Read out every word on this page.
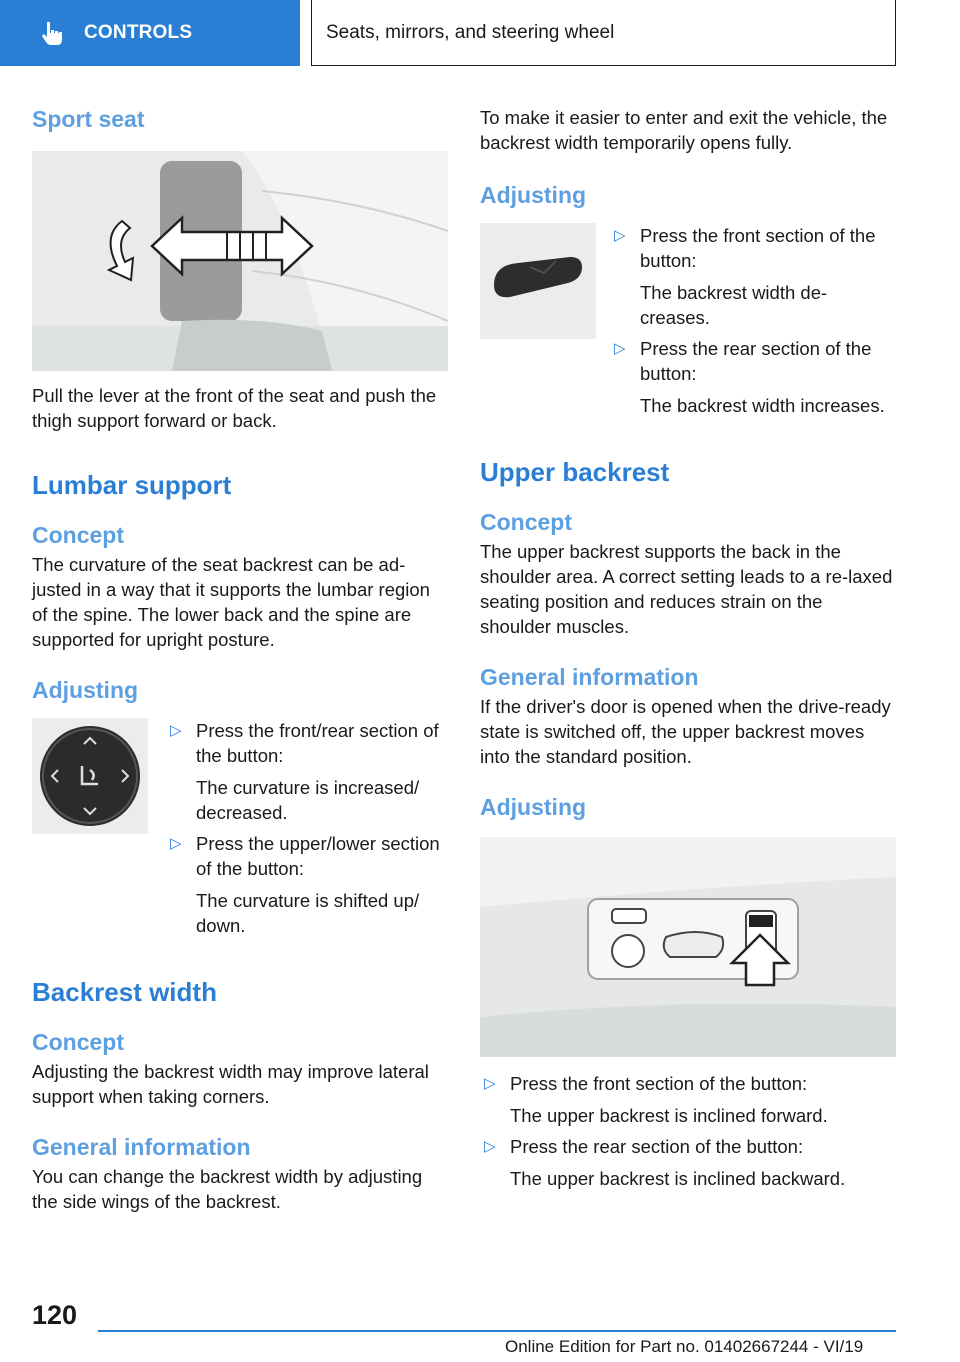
CONTROLS	Seats, mirrors, and steering wheel
Sport seat
Pull the lever at the front of the seat and push the thigh support forward or back.
Lumbar support
Concept
The curvature of the seat backrest can be ad‐justed in a way that it supports the lumbar region of the spine. The lower back and the spine are supported for upright posture.
Adjusting
▷ Press the front/rear section of the button:
The curvature is increased/ decreased.
▷ Press the upper/lower section of the button:
The curvature is shifted up/ down.
Backrest width
Concept
Adjusting the backrest width may improve lateral support when taking corners.
General information
You can change the backrest width by adjusting the side wings of the backrest.
To make it easier to enter and exit the vehicle, the backrest width temporarily opens fully.
Adjusting
▷ Press the front section of the button:
The backrest width de‐creases.
▷ Press the rear section of the button:
The backrest width increases.
Upper backrest
Concept
The upper backrest supports the back in the shoulder area. A correct setting leads to a re‐laxed seating position and reduces strain on the shoulder muscles.
General information
If the driver's door is opened when the drive-ready state is switched off, the upper backrest moves into the standard position.
Adjusting
▷ Press the front section of the button:
The upper backrest is inclined forward.
▷ Press the rear section of the button:
The upper backrest is inclined backward.
120
Online Edition for Part no. 01402667244 - VI/19
